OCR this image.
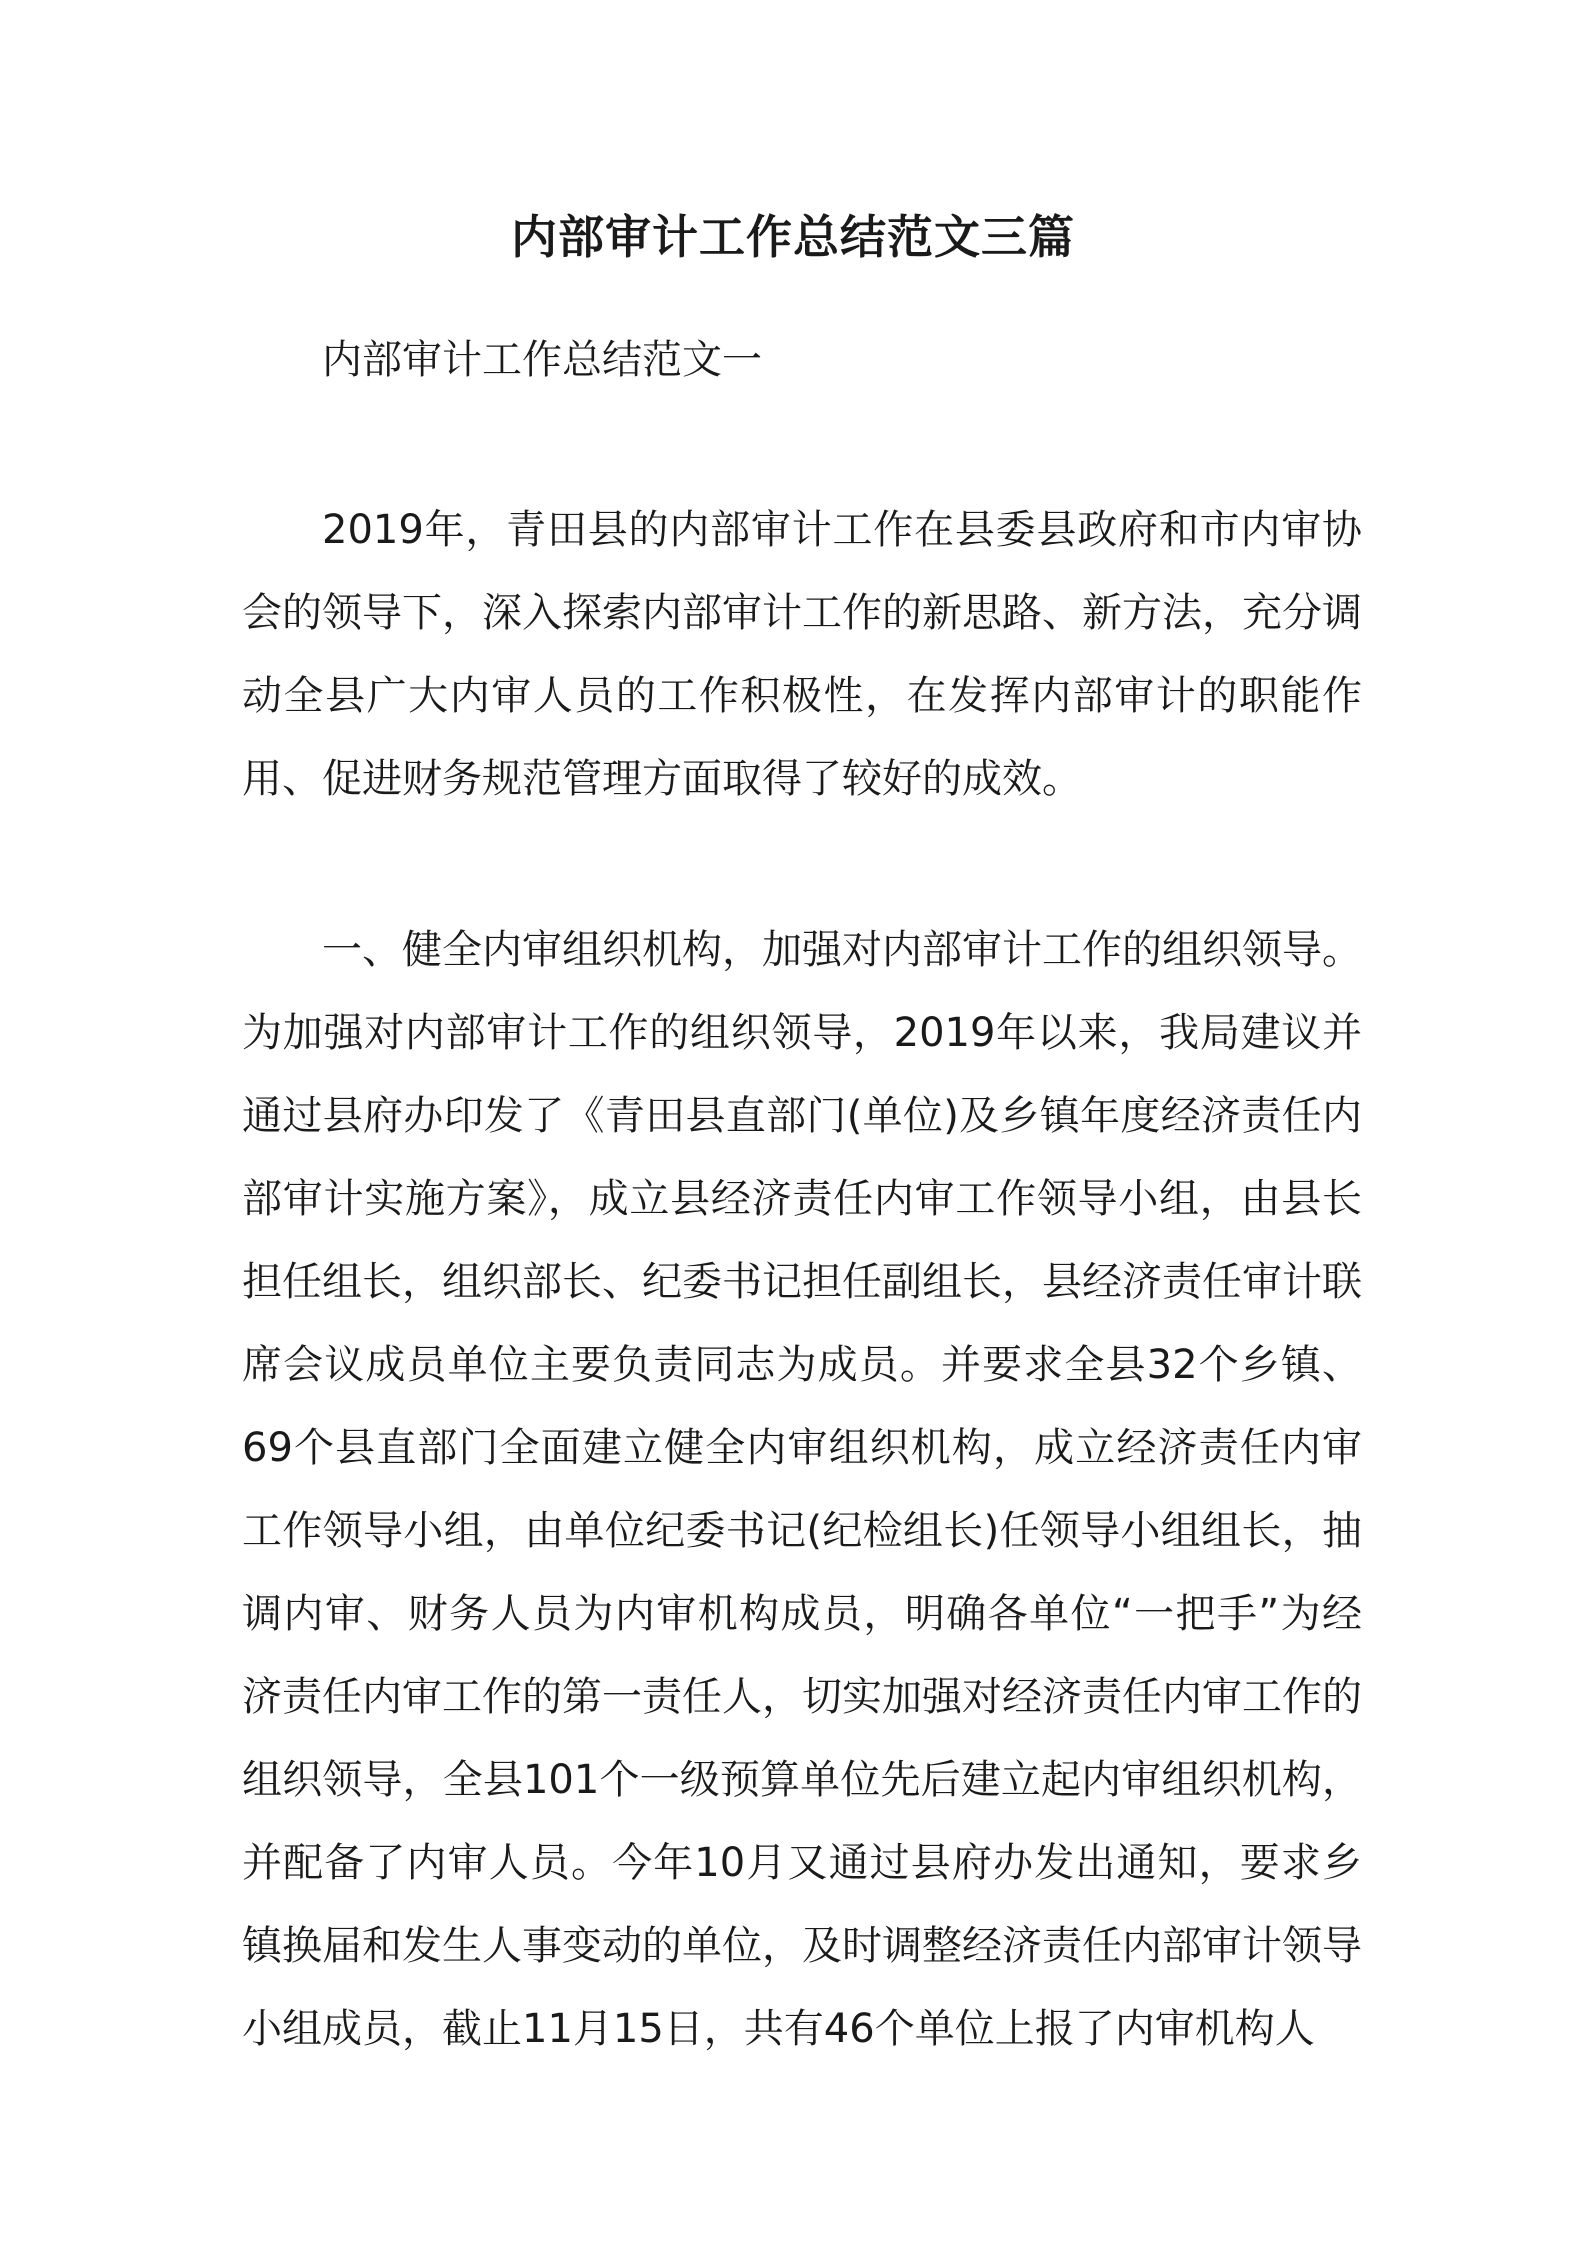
内部审计工作总结范文三篇

内部审计工作总结范文一

2019年，青田县的内部审计工作在县委县政府和市内审协会的领导下，深入探索内部审计工作的新思路、新方法，充分调动全县广大内审人员的工作积极性，在发挥内部审计的职能作用、促进财务规范管理方面取得了较好的成效。

一、健全内审组织机构，加强对内部审计工作的组织领导。为加强对内部审计工作的组织领导，2019年以来，我局建议并通过县府办印发了《青田县直部门(单位)及乡镇年度经济责任内部审计实施方案》，成立县经济责任内审工作领导小组，由县长担任组长，组织部长、纪委书记担任副组长，县经济责任审计联席会议成员单位主要负责同志为成员。并要求全县32个乡镇、69个县直部门全面建立健全内审组织机构，成立经济责任内审工作领导小组，由单位纪委书记(纪检组长)任领导小组组长，抽调内审、财务人员为内审机构成员，明确各单位“一把手”为经济责任内审工作的第一责任人，切实加强对经济责任内审工作的组织领导，全县101个一级预算单位先后建立起内审组织机构，并配备了内审人员。今年10月又通过县府办发出通知，要求乡镇换届和发生人事变动的单位，及时调整经济责任内部审计领导小组成员，截止11月15日，共有46个单位上报了内审机构人
